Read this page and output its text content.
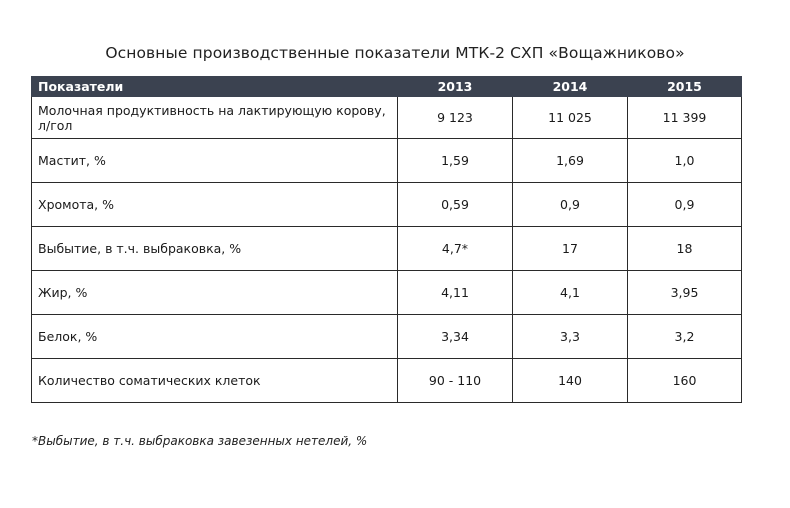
Основные производственные показатели МТК-2 СХП «Вощажниково»
Показатели	2013	2014	2015
Молочная продуктивность на лактирующую корову, л/гол	9 123	11 025	11 399
Мастит, %	1,59	1,69	1,0
Хромота, %	0,59	0,9	0,9
Выбытие, в т.ч. выбраковка, %	4,7*	17	18
Жир, %	4,11	4,1	3,95
Белок, %	3,34	3,3	3,2
Количество соматических клеток	90 - 110	140	160
*Выбытие, в т.ч. выбраковка завезенных нетелей, %
